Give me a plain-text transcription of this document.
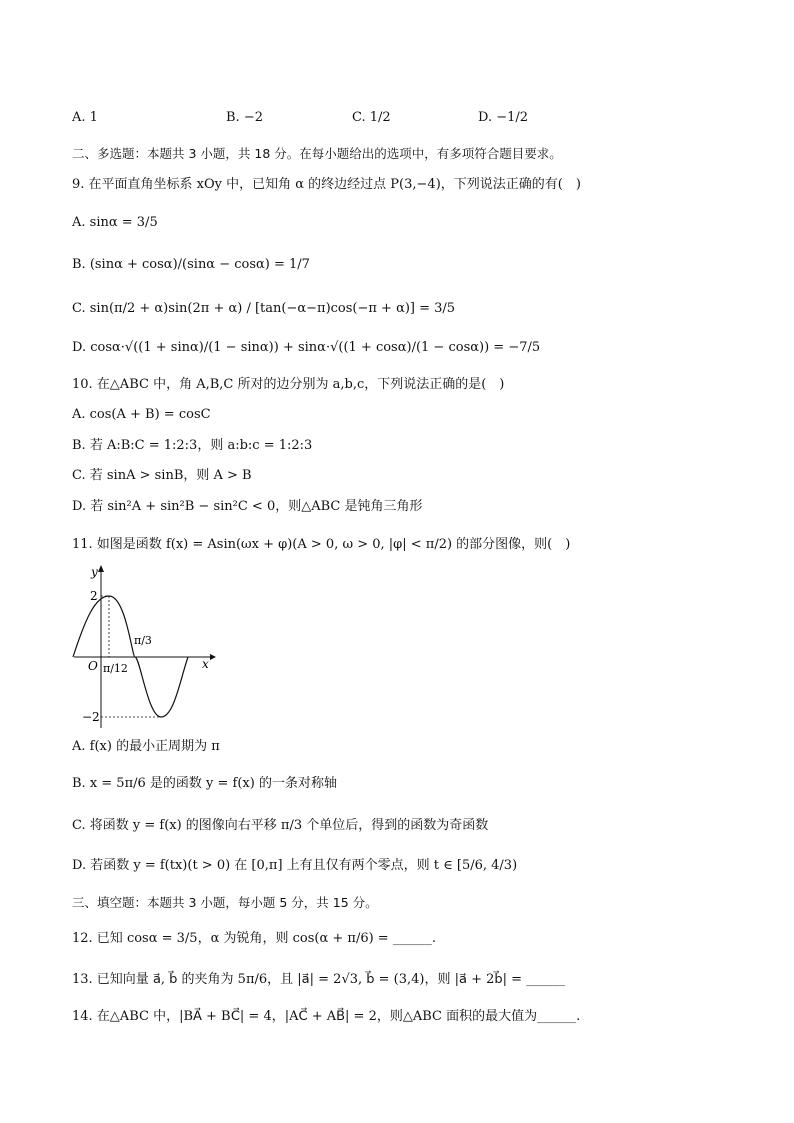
A. 1	B. −2	C. 1/2	D. −1/2
二、多选题：本题共 3 小题，共 18 分。在每小题给出的选项中，有多项符合题目要求。
9. 在平面直角坐标系 xOy 中，已知角 α 的终边经过点 P(3,−4)，下列说法正确的有(　)
A. sinα = 3/5
B. (sinα + cosα)/(sinα − cosα) = 1/7
C. sin(π/2 + α)sin(2π + α) / [tan(−α−π)cos(−π + α)] = 3/5
D. cosα·√((1 + sinα)/(1 − sinα)) + sinα·√((1 + cosα)/(1 − cosα)) = −7/5
10. 在△ABC 中，角 A,B,C 所对的边分别为 a,b,c，下列说法正确的是(　)
A. cos(A + B) = cosC
B. 若 A:B:C = 1:2:3，则 a:b:c = 1:2:3
C. 若 sinA > sinB，则 A > B
D. 若 sin²A + sin²B − sin²C < 0，则△ABC 是钝角三角形
11. 如图是函数 f(x) = Asin(ωx + φ)(A > 0, ω > 0, |φ| < π/2) 的部分图像，则(　)
y
x
O
2
−2
π/12
π/3
A. f(x) 的最小正周期为 π
B. x = 5π/6 是的函数 y = f(x) 的一条对称轴
C. 将函数 y = f(x) 的图像向右平移 π/3 个单位后，得到的函数为奇函数
D. 若函数 y = f(tx)(t > 0) 在 [0,π] 上有且仅有两个零点，则 t ∈ [5/6, 4/3)
三、填空题：本题共 3 小题，每小题 5 分，共 15 分。
12. 已知 cosα = 3/5，α 为锐角，则 cos(α + π/6) = ______.
13. 已知向量 a⃗, b⃗ 的夹角为 5π/6，且 |a⃗| = 2√3, b⃗ = (3,4)，则 |a⃗ + 2b⃗| = ______
14. 在△ABC 中，|BA⃗ + BC⃗| = 4，|AC⃗ + AB⃗| = 2，则△ABC 面积的最大值为______.
